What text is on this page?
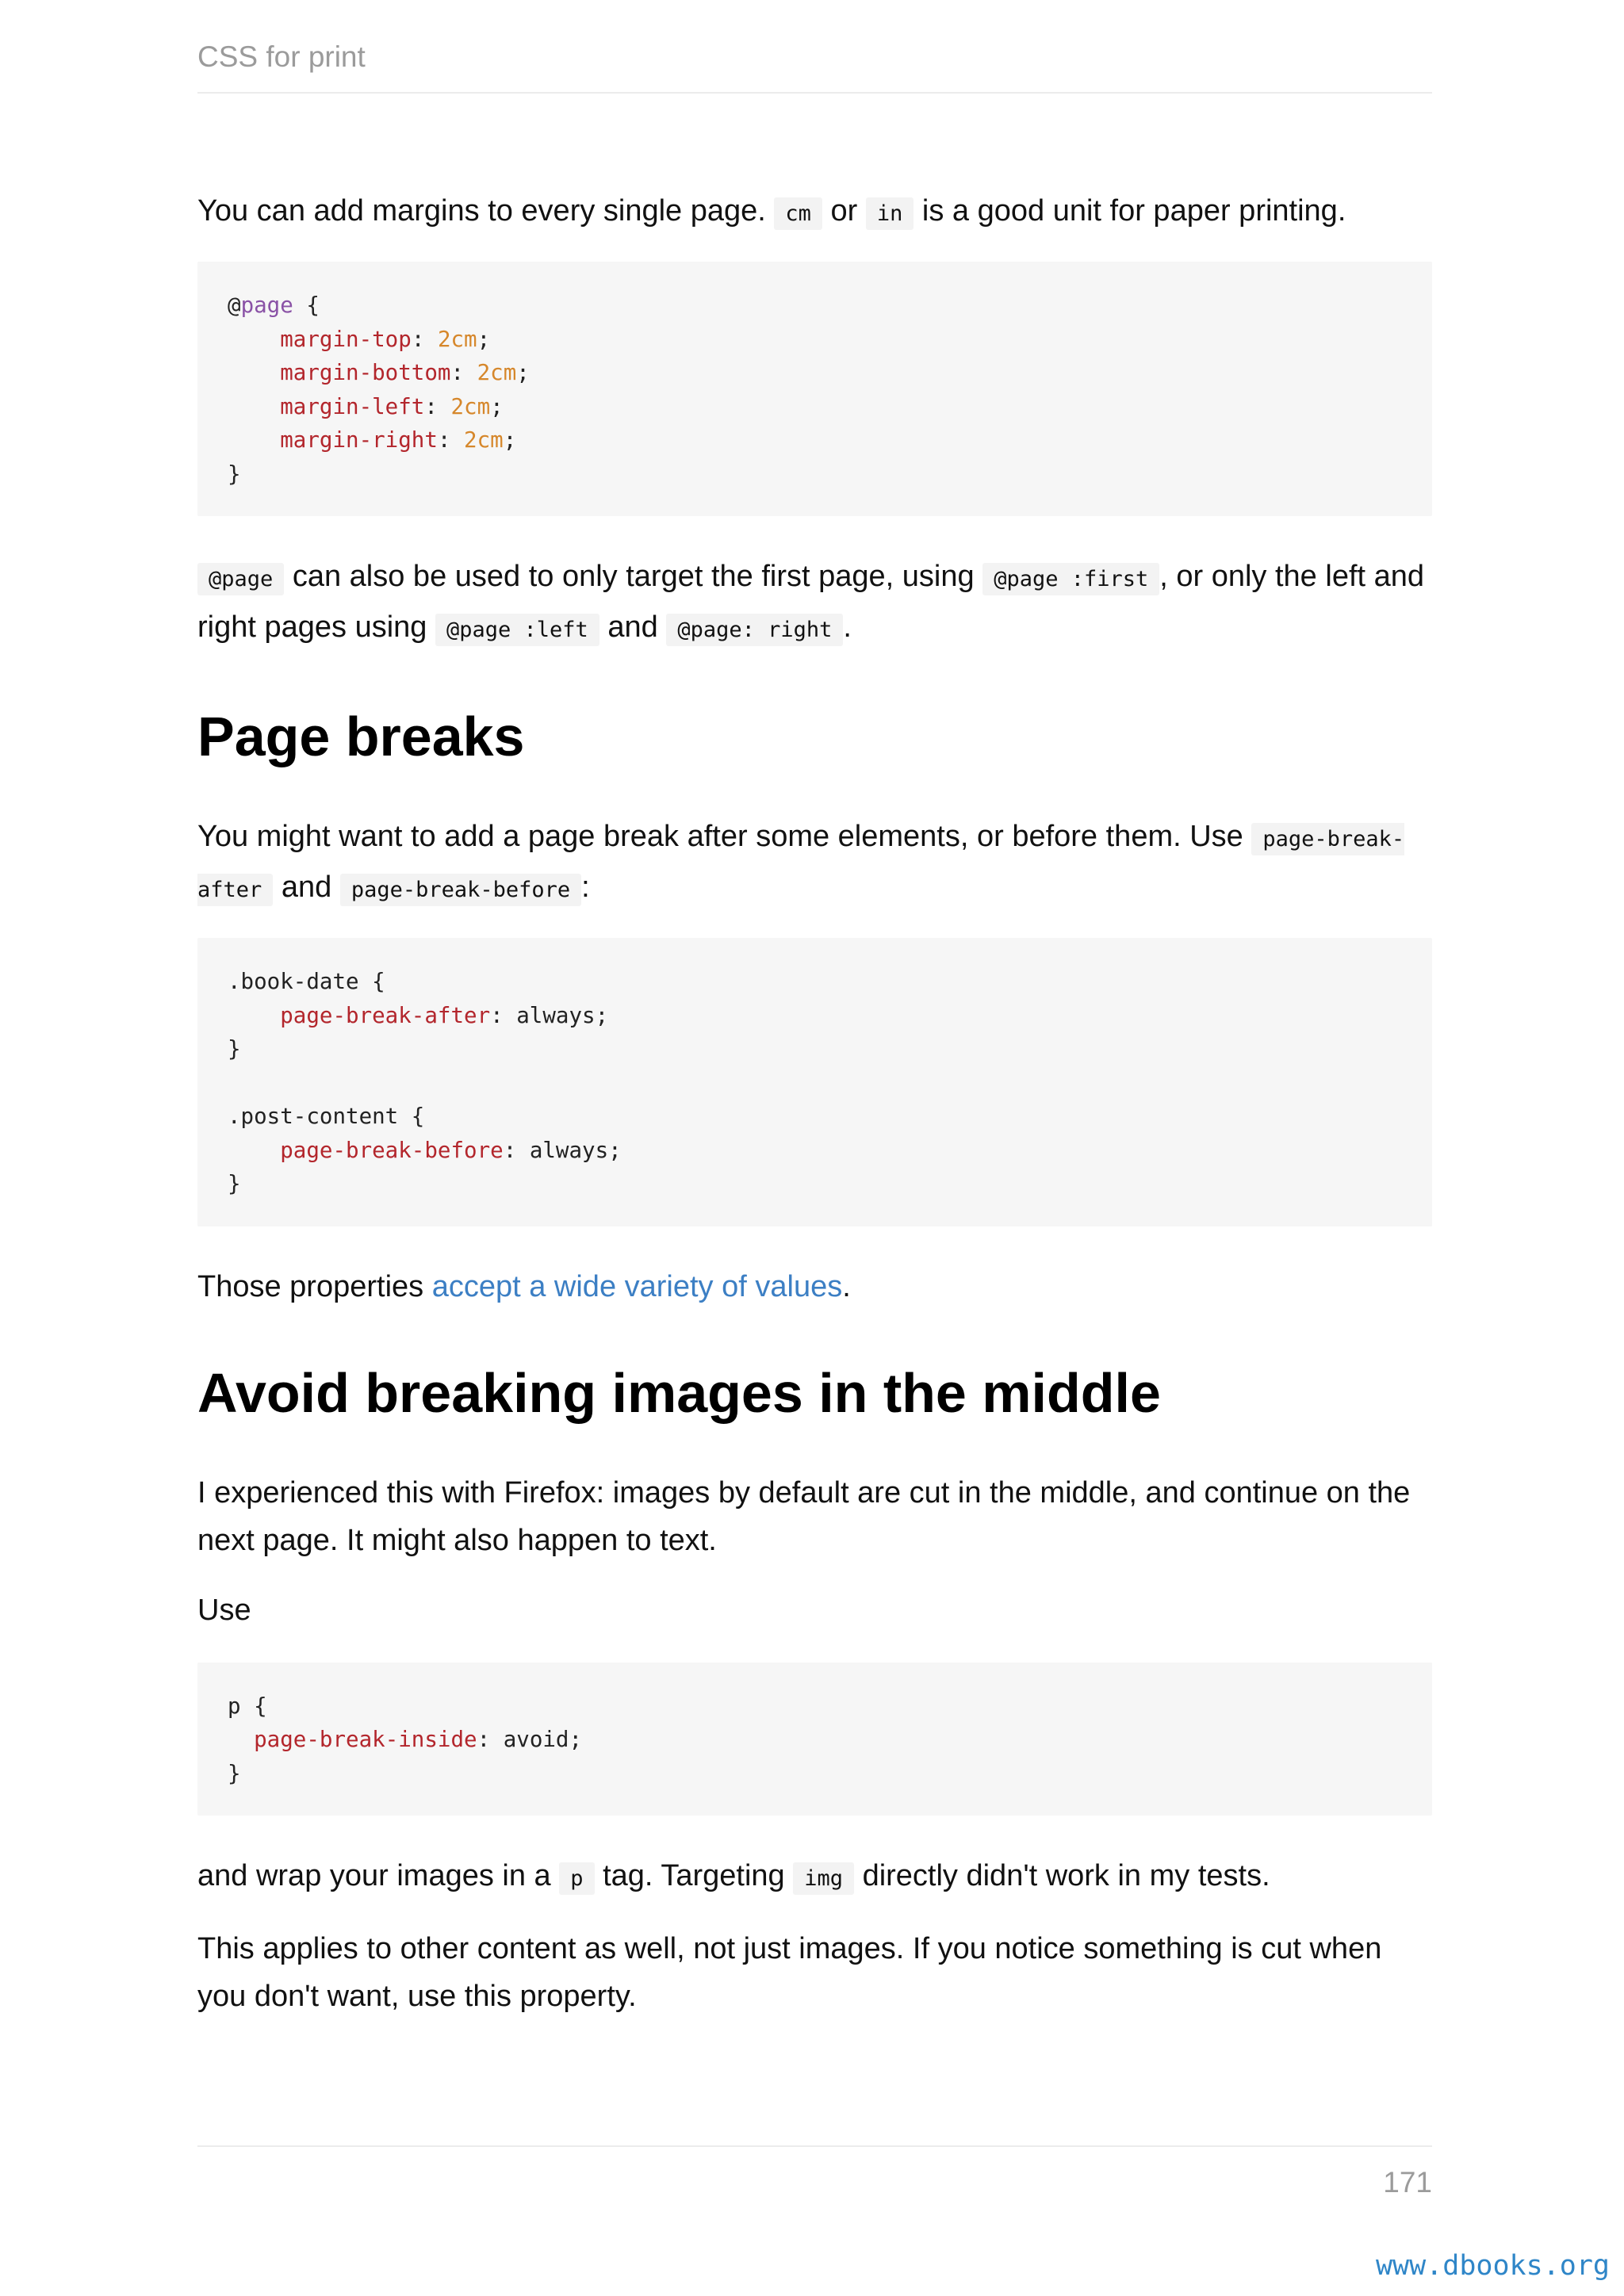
CSS for print

You can add margins to every single page. cm or in is a good unit for paper printing.

@page {
margin-top: 2cm;
margin-bottom: 2cm;
margin-left: 2cm;
margin-right: 2cm;
}

@page can also be used to only target the first page, using @page :first , or only the left and right pages using @page :left and @page: right .

Page breaks

You might want to add a page break after some elements, or before them. Use page-break-after and page-break-before :

.book-date {
page-break-after: always;
}

.post-content {
page-break-before: always;
}

Those properties accept a wide variety of values.

Avoid breaking images in the middle

I experienced this with Firefox: images by default are cut in the middle, and continue on the next page. It might also happen to text.

Use

p {
page-break-inside: avoid;
}

and wrap your images in a p tag. Targeting img directly didn't work in my tests.

This applies to other content as well, not just images. If you notice something is cut when you don't want, use this property.

171
www.dbooks.org
